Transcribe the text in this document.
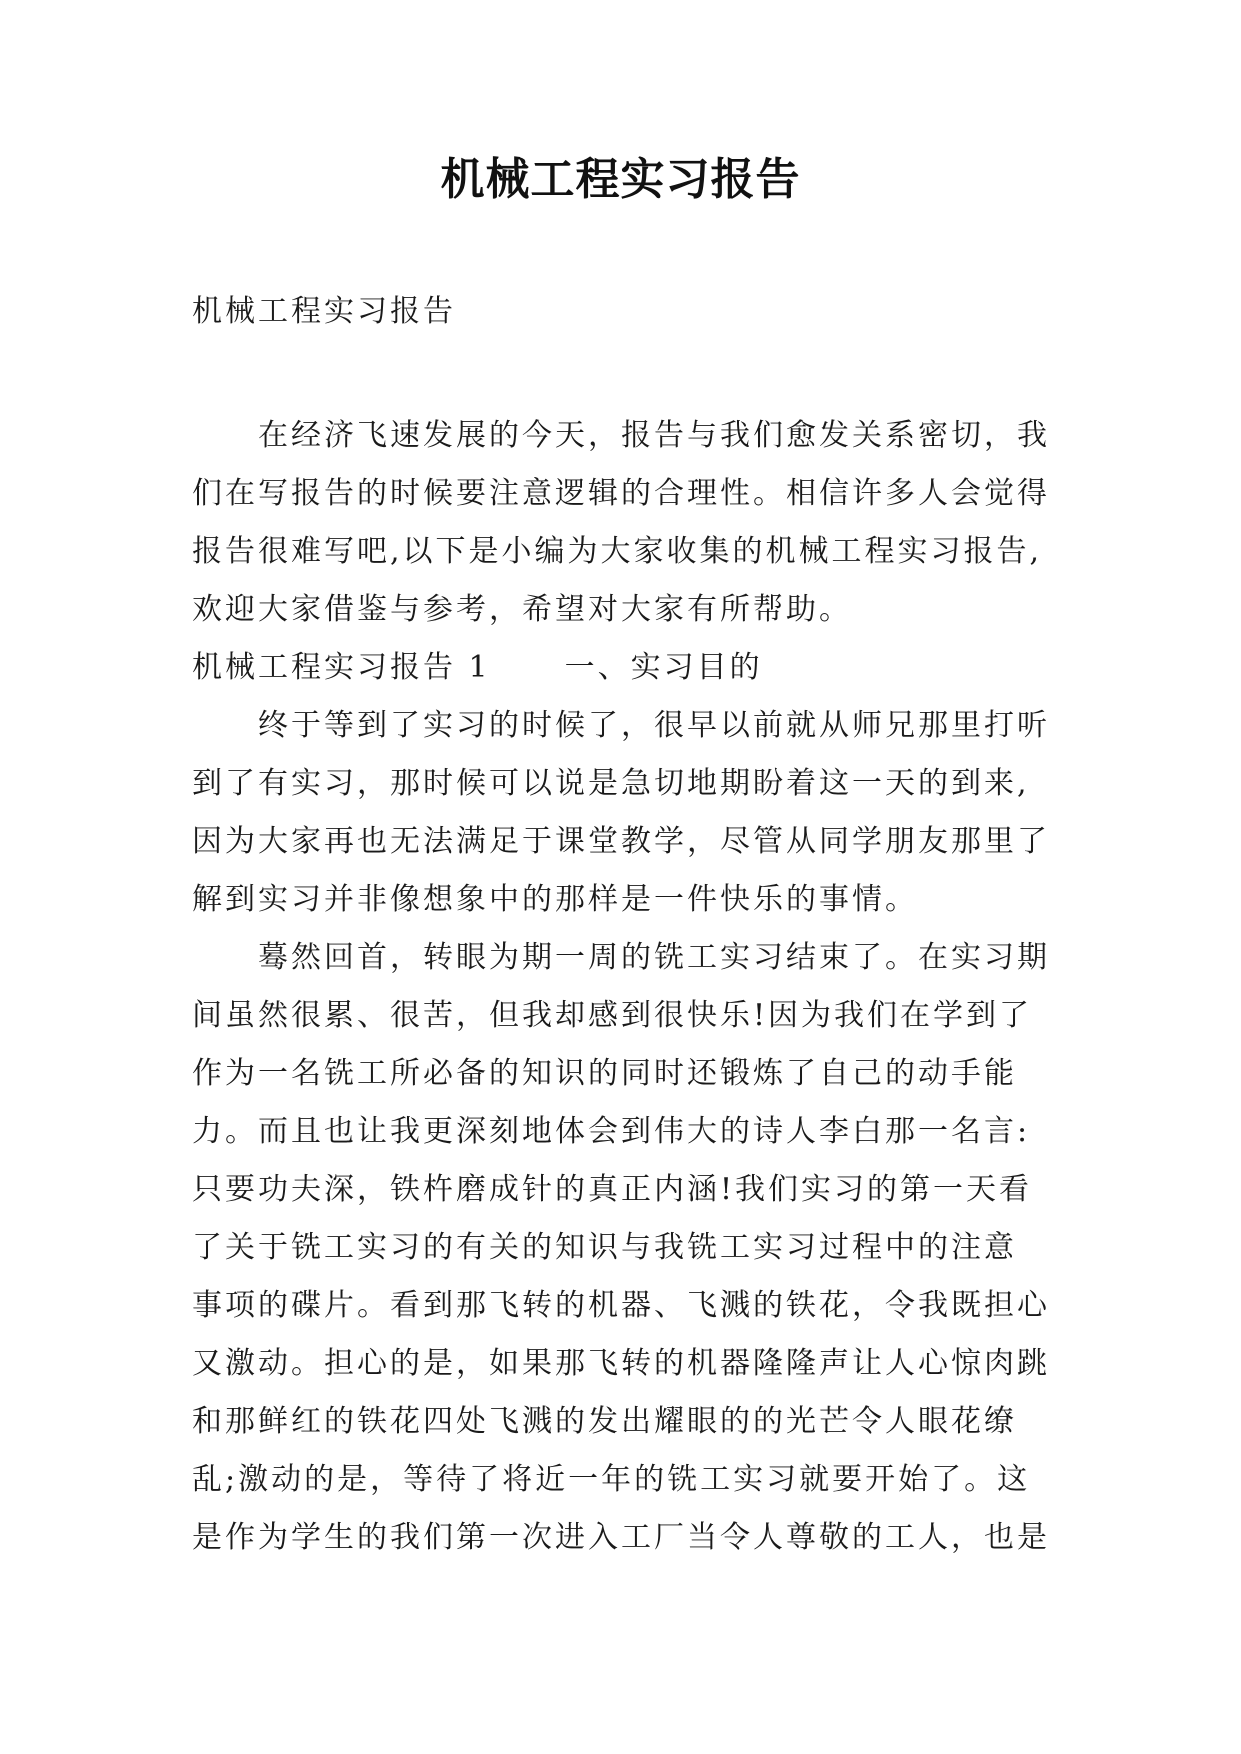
机械工程实习报告
机械工程实习报告
在经济飞速发展的今天，报告与我们愈发关系密切，我
们在写报告的时候要注意逻辑的合理性。相信许多人会觉得
报告很难写吧,以下是小编为大家收集的机械工程实习报告,
欢迎大家借鉴与参考，希望对大家有所帮助。
机械工程实习报告 1 一、实习目的
终于等到了实习的时候了，很早以前就从师兄那里打听
到了有实习，那时候可以说是急切地期盼着这一天的到来,
因为大家再也无法满足于课堂教学，尽管从同学朋友那里了
解到实习并非像想象中的那样是一件快乐的事情。
蓦然回首，转眼为期一周的铣工实习结束了。在实习期
间虽然很累、很苦，但我却感到很快乐!因为我们在学到了
作为一名铣工所必备的知识的同时还锻炼了自己的动手能
力。而且也让我更深刻地体会到伟大的诗人李白那一名言:
只要功夫深，铁杵磨成针的真正内涵!我们实习的第一天看
了关于铣工实习的有关的知识与我铣工实习过程中的注意
事项的碟片。看到那飞转的机器、飞溅的铁花，令我既担心
又激动。担心的是，如果那飞转的机器隆隆声让人心惊肉跳
和那鲜红的铁花四处飞溅的发出耀眼的的光芒令人眼花缭
乱;激动的是，等待了将近一年的铣工实习就要开始了。这
是作为学生的我们第一次进入工厂当令人尊敬的工人，也是
